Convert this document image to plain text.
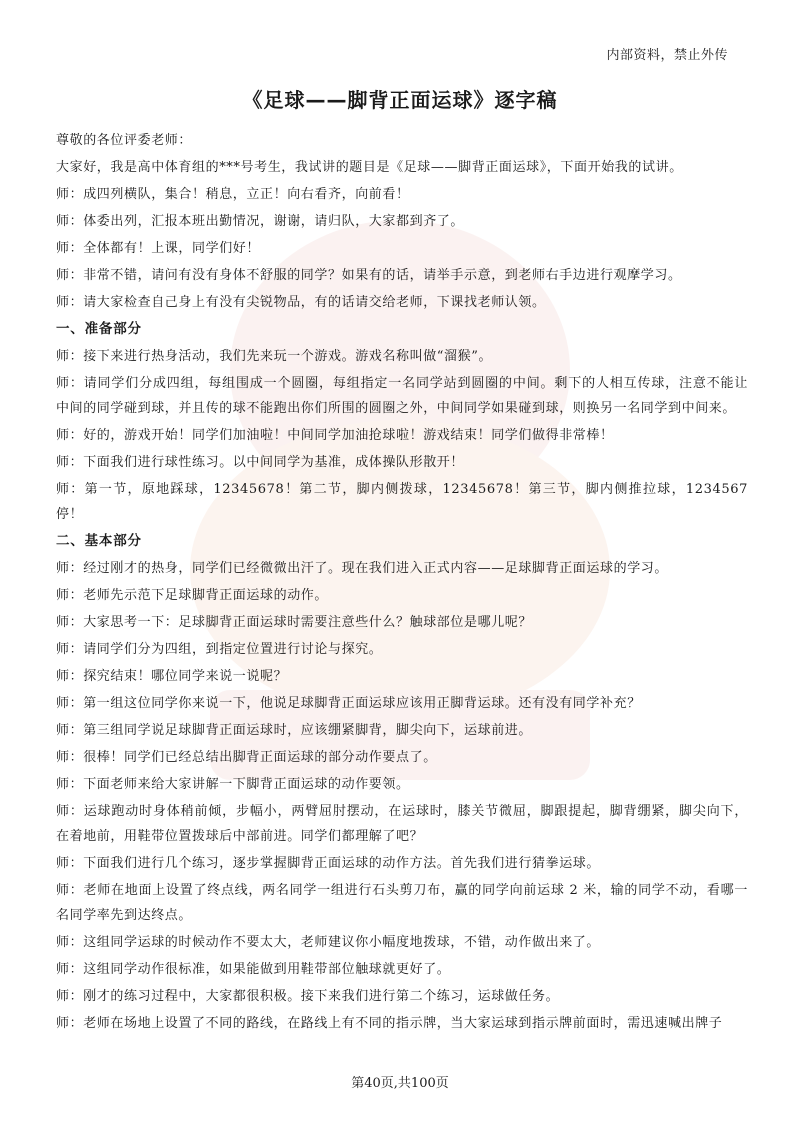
内部资料，禁止外传
《足球——脚背正面运球》逐字稿

尊敬的各位评委老师：

大家好，我是高中体育组的***号考生，我试讲的题目是《足球——脚背正面运球》，下面开始我的试讲。

师：成四列横队，集合！稍息，立正！向右看齐，向前看！

师：体委出列，汇报本班出勤情况，谢谢，请归队，大家都到齐了。

师：全体都有！上课，同学们好！

师：非常不错，请问有没有身体不舒服的同学？如果有的话，请举手示意，到老师右手边进行观摩学习。

师：请大家检查自己身上有没有尖锐物品，有的话请交给老师，下课找老师认领。

一、准备部分

师：接下来进行热身活动，我们先来玩一个游戏。游戏名称叫做“溜猴”。

师：请同学们分成四组，每组围成一个圆圈，每组指定一名同学站到圆圈的中间。剩下的人相互传球，注意不能让中间的同学碰到球，并且传的球不能跑出你们所围的圆圈之外，中间同学如果碰到球，则换另一名同学到中间来。

师：好的，游戏开始！同学们加油啦！中间同学加油抢球啦！游戏结束！同学们做得非常棒！

师：下面我们进行球性练习。以中间同学为基准，成体操队形散开！

师：第一节，原地踩球，12345678！第二节，脚内侧拨球，12345678！第三节，脚内侧推拉球，1234567停！

二、基本部分

师：经过刚才的热身，同学们已经微微出汗了。现在我们进入正式内容——足球脚背正面运球的学习。

师：老师先示范下足球脚背正面运球的动作。

师：大家思考一下：足球脚背正面运球时需要注意些什么？触球部位是哪儿呢？

师：请同学们分为四组，到指定位置进行讨论与探究。

师：探究结束！哪位同学来说一说呢？

师：第一组这位同学你来说一下，他说足球脚背正面运球应该用正脚背运球。还有没有同学补充？

师：第三组同学说足球脚背正面运球时，应该绷紧脚背，脚尖向下，运球前进。

师：很棒！同学们已经总结出脚背正面运球的部分动作要点了。

师：下面老师来给大家讲解一下脚背正面运球的动作要领。

师：运球跑动时身体稍前倾，步幅小，两臂屈肘摆动，在运球时，膝关节微屈，脚跟提起，脚背绷紧，脚尖向下，在着地前，用鞋带位置拨球后中部前进。同学们都理解了吧？

师：下面我们进行几个练习，逐步掌握脚背正面运球的动作方法。首先我们进行猜拳运球。

师：老师在地面上设置了终点线，两名同学一组进行石头剪刀布，赢的同学向前运球 2 米，输的同学不动，看哪一名同学率先到达终点。

师：这组同学运球的时候动作不要太大，老师建议你小幅度地拨球，不错，动作做出来了。

师：这组同学动作很标准，如果能做到用鞋带部位触球就更好了。

师：刚才的练习过程中，大家都很积极。接下来我们进行第二个练习，运球做任务。

师：老师在场地上设置了不同的路线，在路线上有不同的指示牌，当大家运球到指示牌前面时，需迅速喊出牌子

第40页,共100页
